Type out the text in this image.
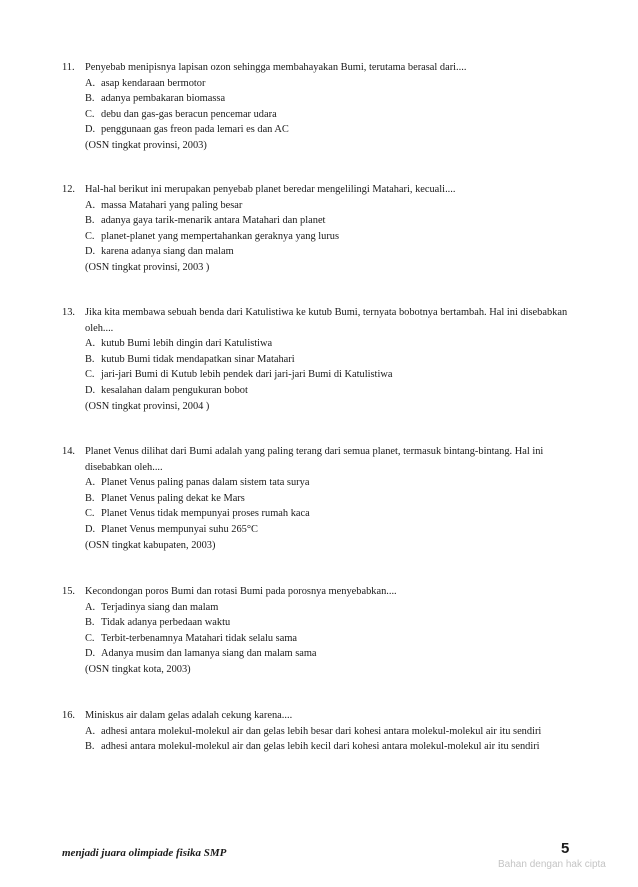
11. Penyebab menipisnya lapisan ozon sehingga membahayakan Bumi, terutama berasal dari....
A. asap kendaraan bermotor
B. adanya pembakaran biomassa
C. debu dan gas-gas beracun pencemar udara
D. penggunaan gas freon pada lemari es dan AC
(OSN tingkat provinsi, 2003)
12. Hal-hal berikut ini merupakan penyebab planet beredar mengelilingi Matahari, kecuali....
A. massa Matahari yang paling besar
B. adanya gaya tarik-menarik antara Matahari dan planet
C. planet-planet yang mempertahankan geraknya yang lurus
D. karena adanya siang dan malam
(OSN tingkat provinsi, 2003 )
13. Jika kita membawa sebuah benda dari Katulistiwa ke kutub Bumi, ternyata bobotnya bertambah. Hal ini disebabkan oleh....
A. kutub Bumi lebih dingin dari Katulistiwa
B. kutub Bumi tidak mendapatkan sinar Matahari
C. jari-jari Bumi di Kutub lebih pendek dari jari-jari Bumi di Katulistiwa
D. kesalahan dalam pengukuran bobot
(OSN tingkat provinsi, 2004 )
14. Planet Venus dilihat dari Bumi adalah yang paling terang dari semua planet, termasuk bintang-bintang. Hal ini disebabkan oleh....
A. Planet Venus paling panas dalam sistem tata surya
B. Planet Venus paling dekat ke Mars
C. Planet Venus tidak mempunyai proses rumah kaca
D. Planet Venus mempunyai suhu 265°C
(OSN tingkat kabupaten, 2003)
15. Kecondongan poros Bumi dan rotasi Bumi pada porosnya menyebabkan....
A. Terjadinya siang dan malam
B. Tidak adanya perbedaan waktu
C. Terbit-terbenamnya Matahari tidak selalu sama
D. Adanya musim dan lamanya siang dan malam sama
(OSN tingkat kota, 2003)
16. Miniskus air dalam gelas adalah cekung karena....
A. adhesi antara molekul-molekul air dan gelas lebih besar dari kohesi antara molekul-molekul air itu sendiri
B. adhesi antara molekul-molekul air dan gelas lebih kecil dari kohesi antara molekul-molekul air itu sendiri
menjadi juara olimpiade fisika SMP	5
Bahan dengan hak cipta
